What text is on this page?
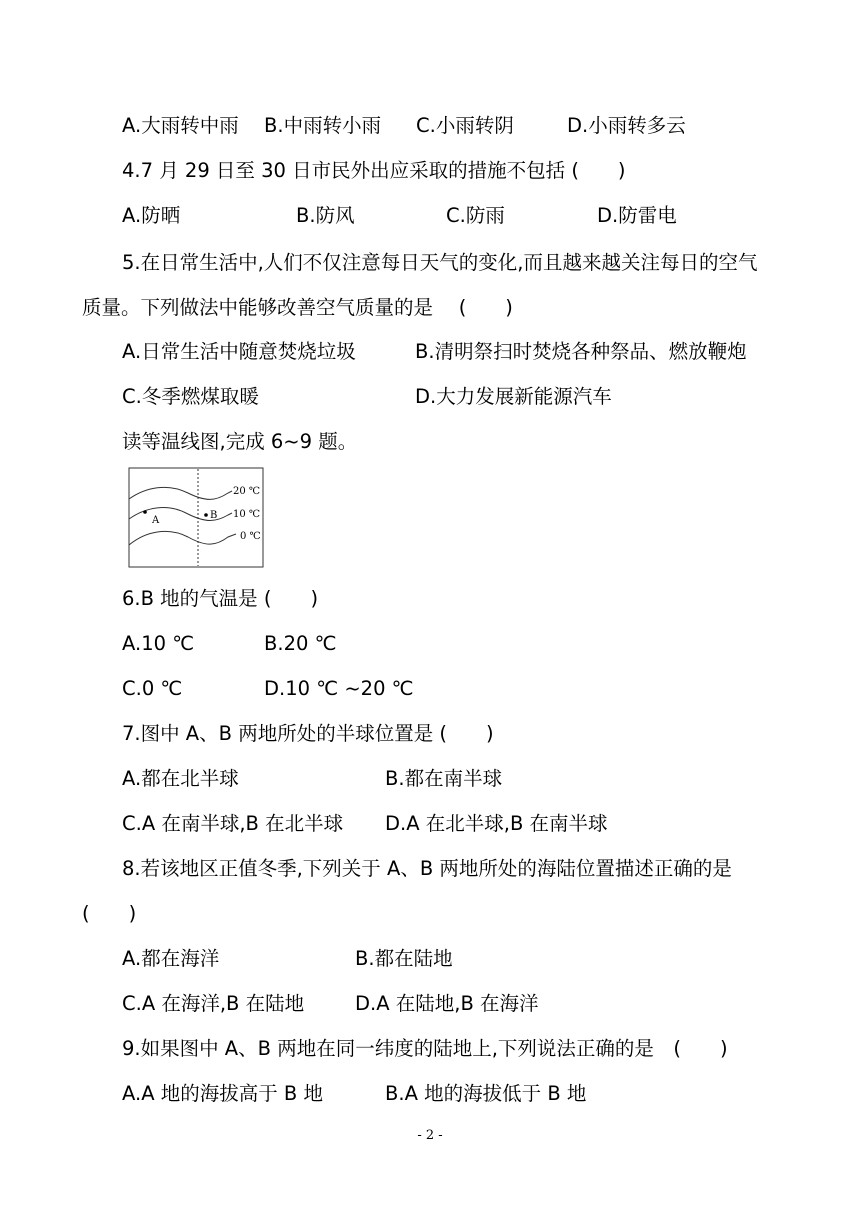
A.大雨转中雨 B.中雨转小雨 C.小雨转阴	D.小雨转多云
4.7 月 29 日至 30 日市民外出应采取的措施不包括 (　　)
A.防晒	B.防风	C.防雨	D.防雷电
5.在日常生活中,人们不仅注意每日天气的变化,而且越来越关注每日的空气
质量。下列做法中能够改善空气质量的是　 (　　)
A.日常生活中随意焚烧垃圾	B.清明祭扫时焚烧各种祭品、燃放鞭炮
C.冬季燃煤取暖	D.大力发展新能源汽车
读等温线图,完成 6~9 题。
A	B
20 ℃
10 ℃
0 ℃
6.B 地的气温是 (　　)
A.10 ℃	B.20 ℃
C.0 ℃	D.10 ℃ ~20 ℃
7.图中 A、B 两地所处的半球位置是 (　　)
A.都在北半球	B.都在南半球
C.A 在南半球,B 在北半球 D.A 在北半球,B 在南半球
8.若该地区正值冬季,下列关于 A、B 两地所处的海陆位置描述正确的是
(　　)
A.都在海洋	B.都在陆地
C.A 在海洋,B 在陆地	D.A 在陆地,B 在海洋
9.如果图中 A、B 两地在同一纬度的陆地上,下列说法正确的是　(　　)
A.A 地的海拔高于 B 地	B.A 地的海拔低于 B 地
- 2 -
